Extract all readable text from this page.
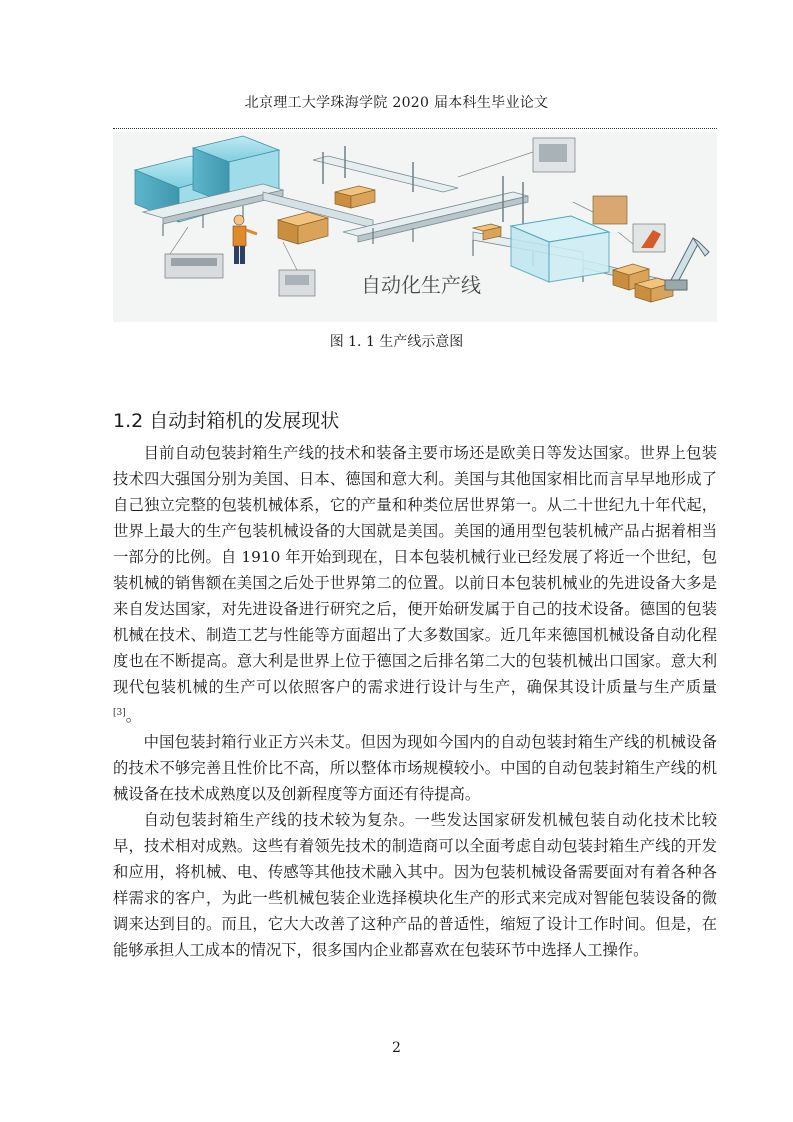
北京理工大学珠海学院 2020 届本科生毕业论文
自动化生产线
图 1. 1 生产线示意图
1.2 自动封箱机的发展现状

目前自动包装封箱生产线的技术和装备主要市场还是欧美日等发达国家。世界上包装技术四大强国分别为美国、日本、德国和意大利。美国与其他国家相比而言早早地形成了自己独立完整的包装机械体系，它的产量和种类位居世界第一。从二十世纪九十年代起，世界上最大的生产包装机械设备的大国就是美国。美国的通用型包装机械产品占据着相当一部分的比例。自 1910 年开始到现在，日本包装机械行业已经发展了将近一个世纪，包装机械的销售额在美国之后处于世界第二的位置。以前日本包装机械业的先进设备大多是来自发达国家，对先进设备进行研究之后，便开始研发属于自己的技术设备。德国的包装机械在技术、制造工艺与性能等方面超出了大多数国家。近几年来德国机械设备自动化程度也在不断提高。意大利是世界上位于德国之后排名第二大的包装机械出口国家。意大利现代包装机械的生产可以依照客户的需求进行设计与生产，确保其设计质量与生产质量[3]。

中国包装封箱行业正方兴未艾。但因为现如今国内的自动包装封箱生产线的机械设备的技术不够完善且性价比不高，所以整体市场规模较小。中国的自动包装封箱生产线的机械设备在技术成熟度以及创新程度等方面还有待提高。

自动包装封箱生产线的技术较为复杂。一些发达国家研发机械包装自动化技术比较早，技术相对成熟。这些有着领先技术的制造商可以全面考虑自动包装封箱生产线的开发和应用，将机械、电、传感等其他技术融入其中。因为包装机械设备需要面对有着各种各样需求的客户，为此一些机械包装企业选择模块化生产的形式来完成对智能包装设备的微调来达到目的。而且，它大大改善了这种产品的普适性，缩短了设计工作时间。但是，在能够承担人工成本的情况下，很多国内企业都喜欢在包装环节中选择人工操作。

2
